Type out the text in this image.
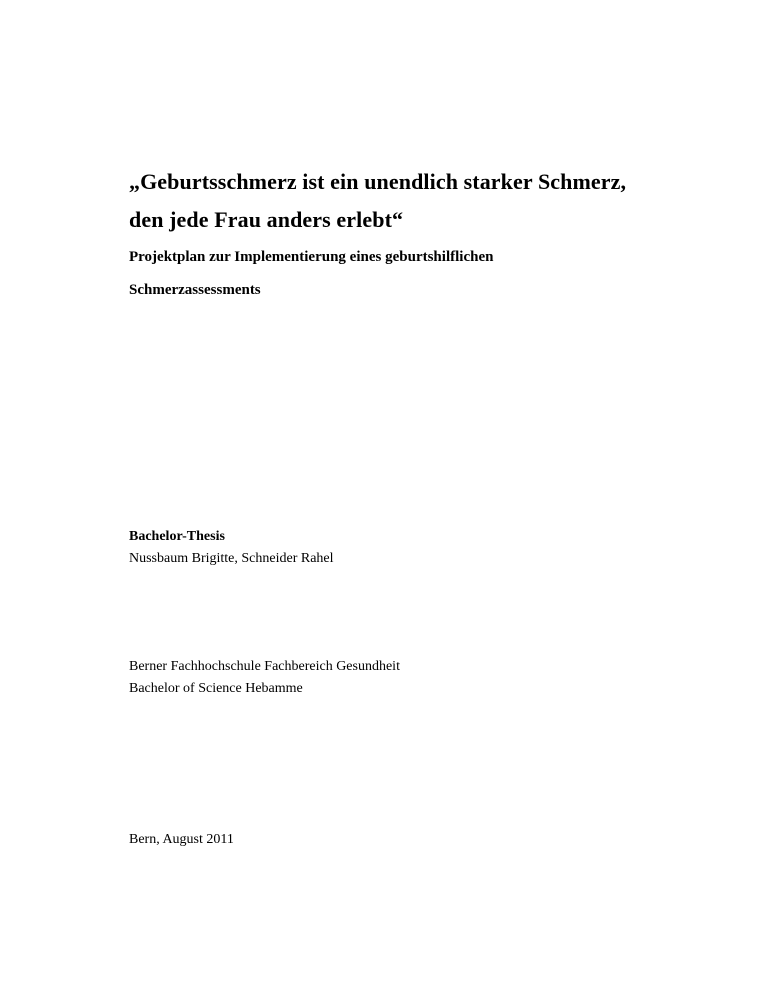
„Geburtsschmerz ist ein unendlich starker Schmerz,
den jede Frau anders erlebt“
Projektplan zur Implementierung eines geburtshilflichen
Schmerzassessments

Bachelor-Thesis

Nussbaum Brigitte, Schneider Rahel

Berner Fachhochschule Fachbereich Gesundheit

Bachelor of Science Hebamme

Bern, August 2011
